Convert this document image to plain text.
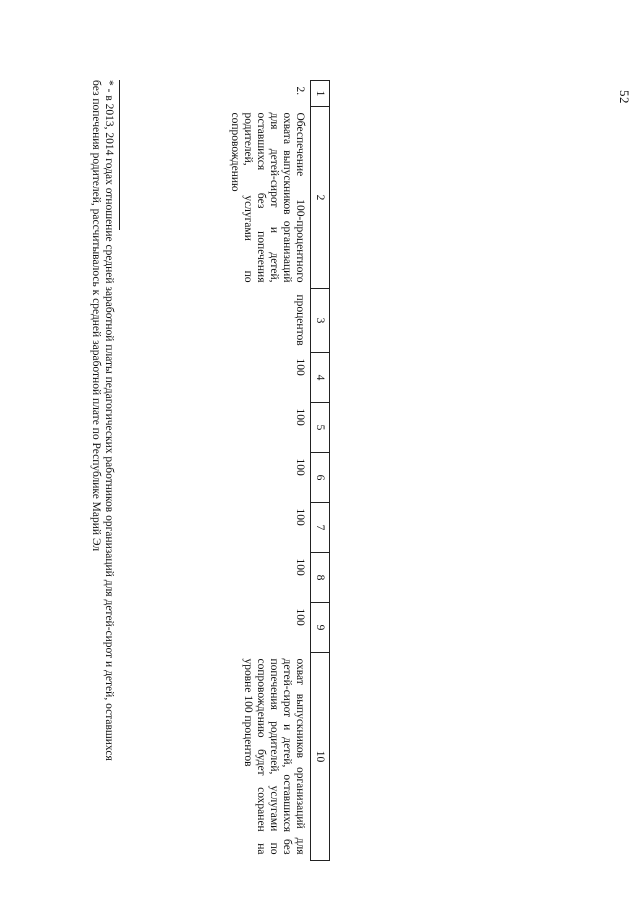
52
1	2	3	4	5	6	7	8	9	10
2.	Обеспечение 100-процентного охвата выпускников организаций для детей-сирот и детей, оставшихся без попечения родителей, услугами по сопровождению	процентов	100	100	100	100	100	100	охват выпускников организаций для детей-сирот и детей, оставшихся без попечения родителей, услугами по сопровождению будет сохранен на уровне 100 процентов
* - в 2013, 2014 годах отношение средней заработной платы педагогических работников организаций для детей-сирот и детей, оставшихся
без попечения родителей, рассчитывалось к средней заработной плате по Республике Марий Эл
